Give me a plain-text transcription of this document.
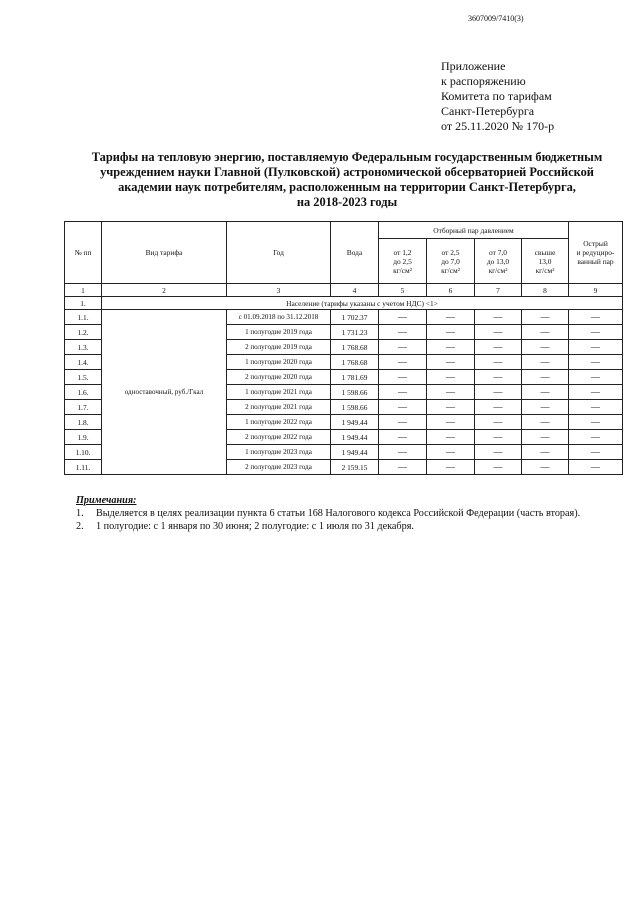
3607009/7410(3)
Приложение
к распоряжению
Комитета по тарифам
Санкт-Петербурга
от 25.11.2020 № 170-р
Тарифы на тепловую энергию, поставляемую Федеральным государственным бюджетным
учреждением науки Главной (Пулковской) астрономической обсерваторией Российской
академии наук потребителям, расположенным на территории Санкт-Петербурга,
на 2018-2023 годы
№ пп	Вид тарифа	Год	Вода	Отборный пар давлением				Острый
и редуциро-
ванный пар
				от 1,2
до 2,5
кг/см²	от 2,5
до 7,0
кг/см²	от 7,0
до 13,0
кг/см²	свыше
13,0
кг/см²	
1	2	3	4	5	6	7	8	9
1.	Население (тарифы указаны с учетом НДС) <1>							
1.1.	одноставочный, руб./Гкал	с 01.09.2018 по 31.12.2018	1 702.37	—	—	—	—	—
1.2.		1 полугодие 2019 года	1 731.23	—	—	—	—	—
1.3.		2 полугодие 2019 года	1 768.68	—	—	—	—	—
1.4.		1 полугодие 2020 года	1 768.68	—	—	—	—	—
1.5.		2 полугодие 2020 года	1 781.69	—	—	—	—	—
1.6.		1 полугодие 2021 года	1 598.66	—	—	—	—	—
1.7.		2 полугодие 2021 года	1 598.66	—	—	—	—	—
1.8.		1 полугодие 2022 года	1 949.44	—	—	—	—	—
1.9.		2 полугодие 2022 года	1 949.44	—	—	—	—	—
1.10.		1 полугодие 2023 года	1 949.44	—	—	—	—	—
1.11.		2 полугодие 2023 года	2 159.15	—	—	—	—	—
Примечания:
1. Выделяется в целях реализации пункта 6 статьи 168 Налогового кодекса Российской Федерации (часть вторая).
2. 1 полугодие: с 1 января по 30 июня; 2 полугодие: с 1 июля по 31 декабря.
